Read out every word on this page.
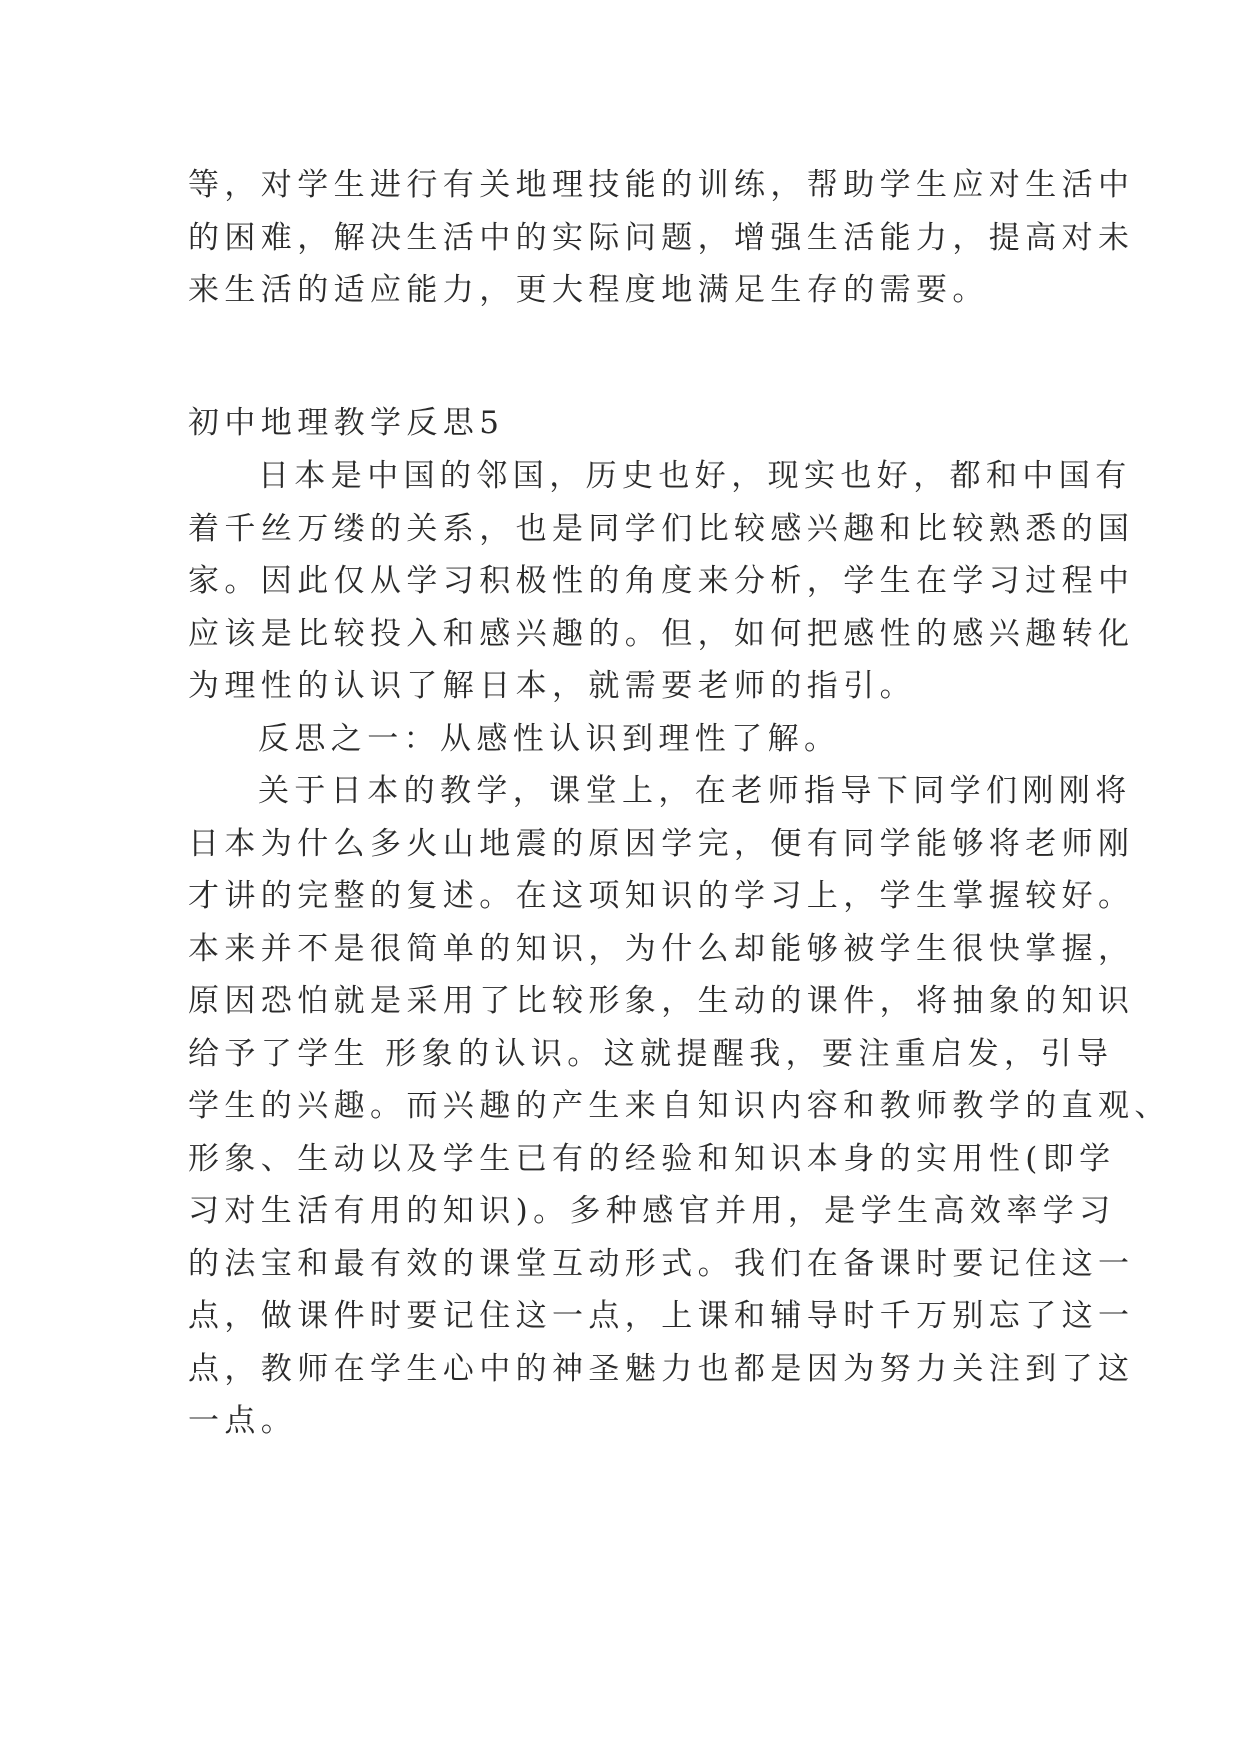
等，对学生进行有关地理技能的训练，帮助学生应对生活中
的困难，解决生活中的实际问题，增强生活能力，提高对未
来生活的适应能力，更大程度地满足生存的需要。
初中地理教学反思5
日本是中国的邻国，历史也好，现实也好，都和中国有
着千丝万缕的关系，也是同学们比较感兴趣和比较熟悉的国
家。因此仅从学习积极性的角度来分析，学生在学习过程中
应该是比较投入和感兴趣的。但，如何把感性的感兴趣转化
为理性的认识了解日本，就需要老师的指引。
反思之一：从感性认识到理性了解。
关于日本的教学，课堂上，在老师指导下同学们刚刚将
日本为什么多火山地震的原因学完，便有同学能够将老师刚
才讲的完整的复述。在这项知识的学习上，学生掌握较好。
本来并不是很简单的知识，为什么却能够被学生很快掌握，
原因恐怕就是采用了比较形象，生动的课件，将抽象的知识
给予了学生 形象的认识。这就提醒我，要注重启发，引导
学生的兴趣。而兴趣的产生来自知识内容和教师教学的直观、
形象、生动以及学生已有的经验和知识本身的实用性(即学
习对生活有用的知识)。多种感官并用，是学生高效率学习
的法宝和最有效的课堂互动形式。我们在备课时要记住这一
点，做课件时要记住这一点，上课和辅导时千万别忘了这一
点，教师在学生心中的神圣魅力也都是因为努力关注到了这
一点。
